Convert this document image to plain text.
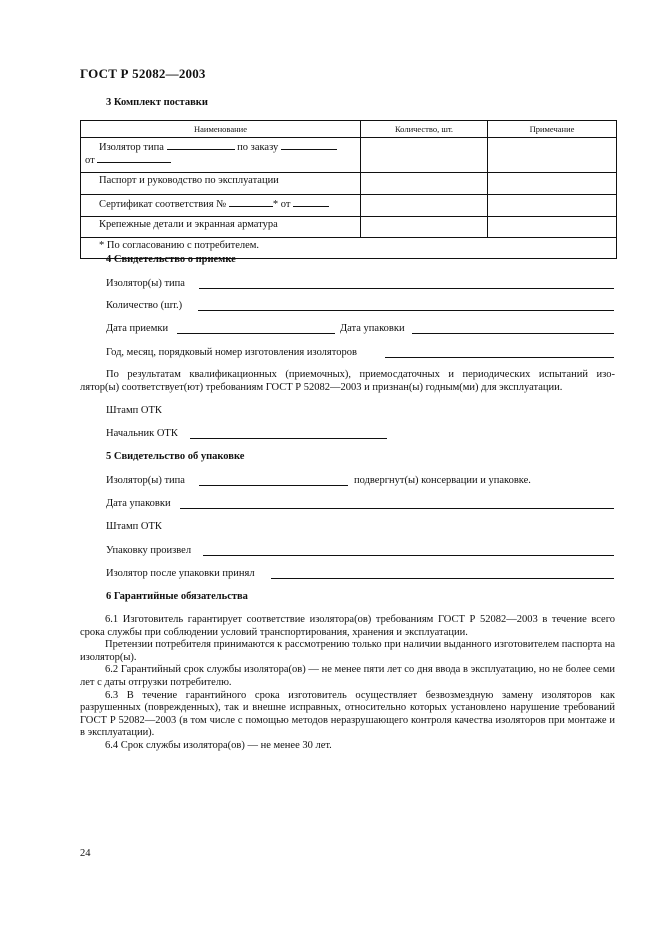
ГОСТ Р 52082—2003
3 Комплект поставки
Наименование	Количество, шт.	Примечание

Изолятор типа по заказу
от		

Паспорт и руководство по эксплуатации		
Сертификат соответствия № * от		
Крепежные детали и экранная арматура		
* По согласованию с потребителем.		
4 Свидетельство о приемке
Изолятор(ы) типа
Количество (шт.)
Дата приемки	Дата упаковки
Год, месяц, порядковый номер изготовления изоляторов
По результатам квалификационных (приемочных), приемосдаточных и периодических испытаний изо-
лятор(ы) соответствует(ют) требованиям ГОСТ Р 52082—2003 и признан(ы) годным(ми) для эксплуатации.
Штамп ОТК
Начальник ОТК
5 Свидетельство об упаковке
Изолятор(ы) типа	подвергнут(ы) консервации и упаковке.
Дата упаковки
Штамп ОТК
Упаковку произвел
Изолятор после упаковки принял
6 Гарантийные обязательства
6.1 Изготовитель гарантирует соответствие изолятора(ов) требованиям ГОСТ Р 52082—2003 в течение всего срока службы при соблюдении условий транспортирования, хранения и эксплуатации.
Претензии потребителя принимаются к рассмотрению только при наличии выданного изготовителем паспорта на изолятор(ы).
6.2 Гарантийный срок службы изолятора(ов) — не менее пяти лет со дня ввода в эксплуатацию, но не более семи лет с даты отгрузки потребителю.
6.3 В течение гарантийного срока изготовитель осуществляет безвозмездную замену изоляторов как разрушенных (поврежденных), так и внешне исправных, относительно которых установлено нарушение требований ГОСТ Р 52082—2003 (в том числе с помощью методов неразрушающего контроля качества изоляторов при монтаже и в эксплуатации).
6.4 Срок службы изолятора(ов) — не менее 30 лет.
24
